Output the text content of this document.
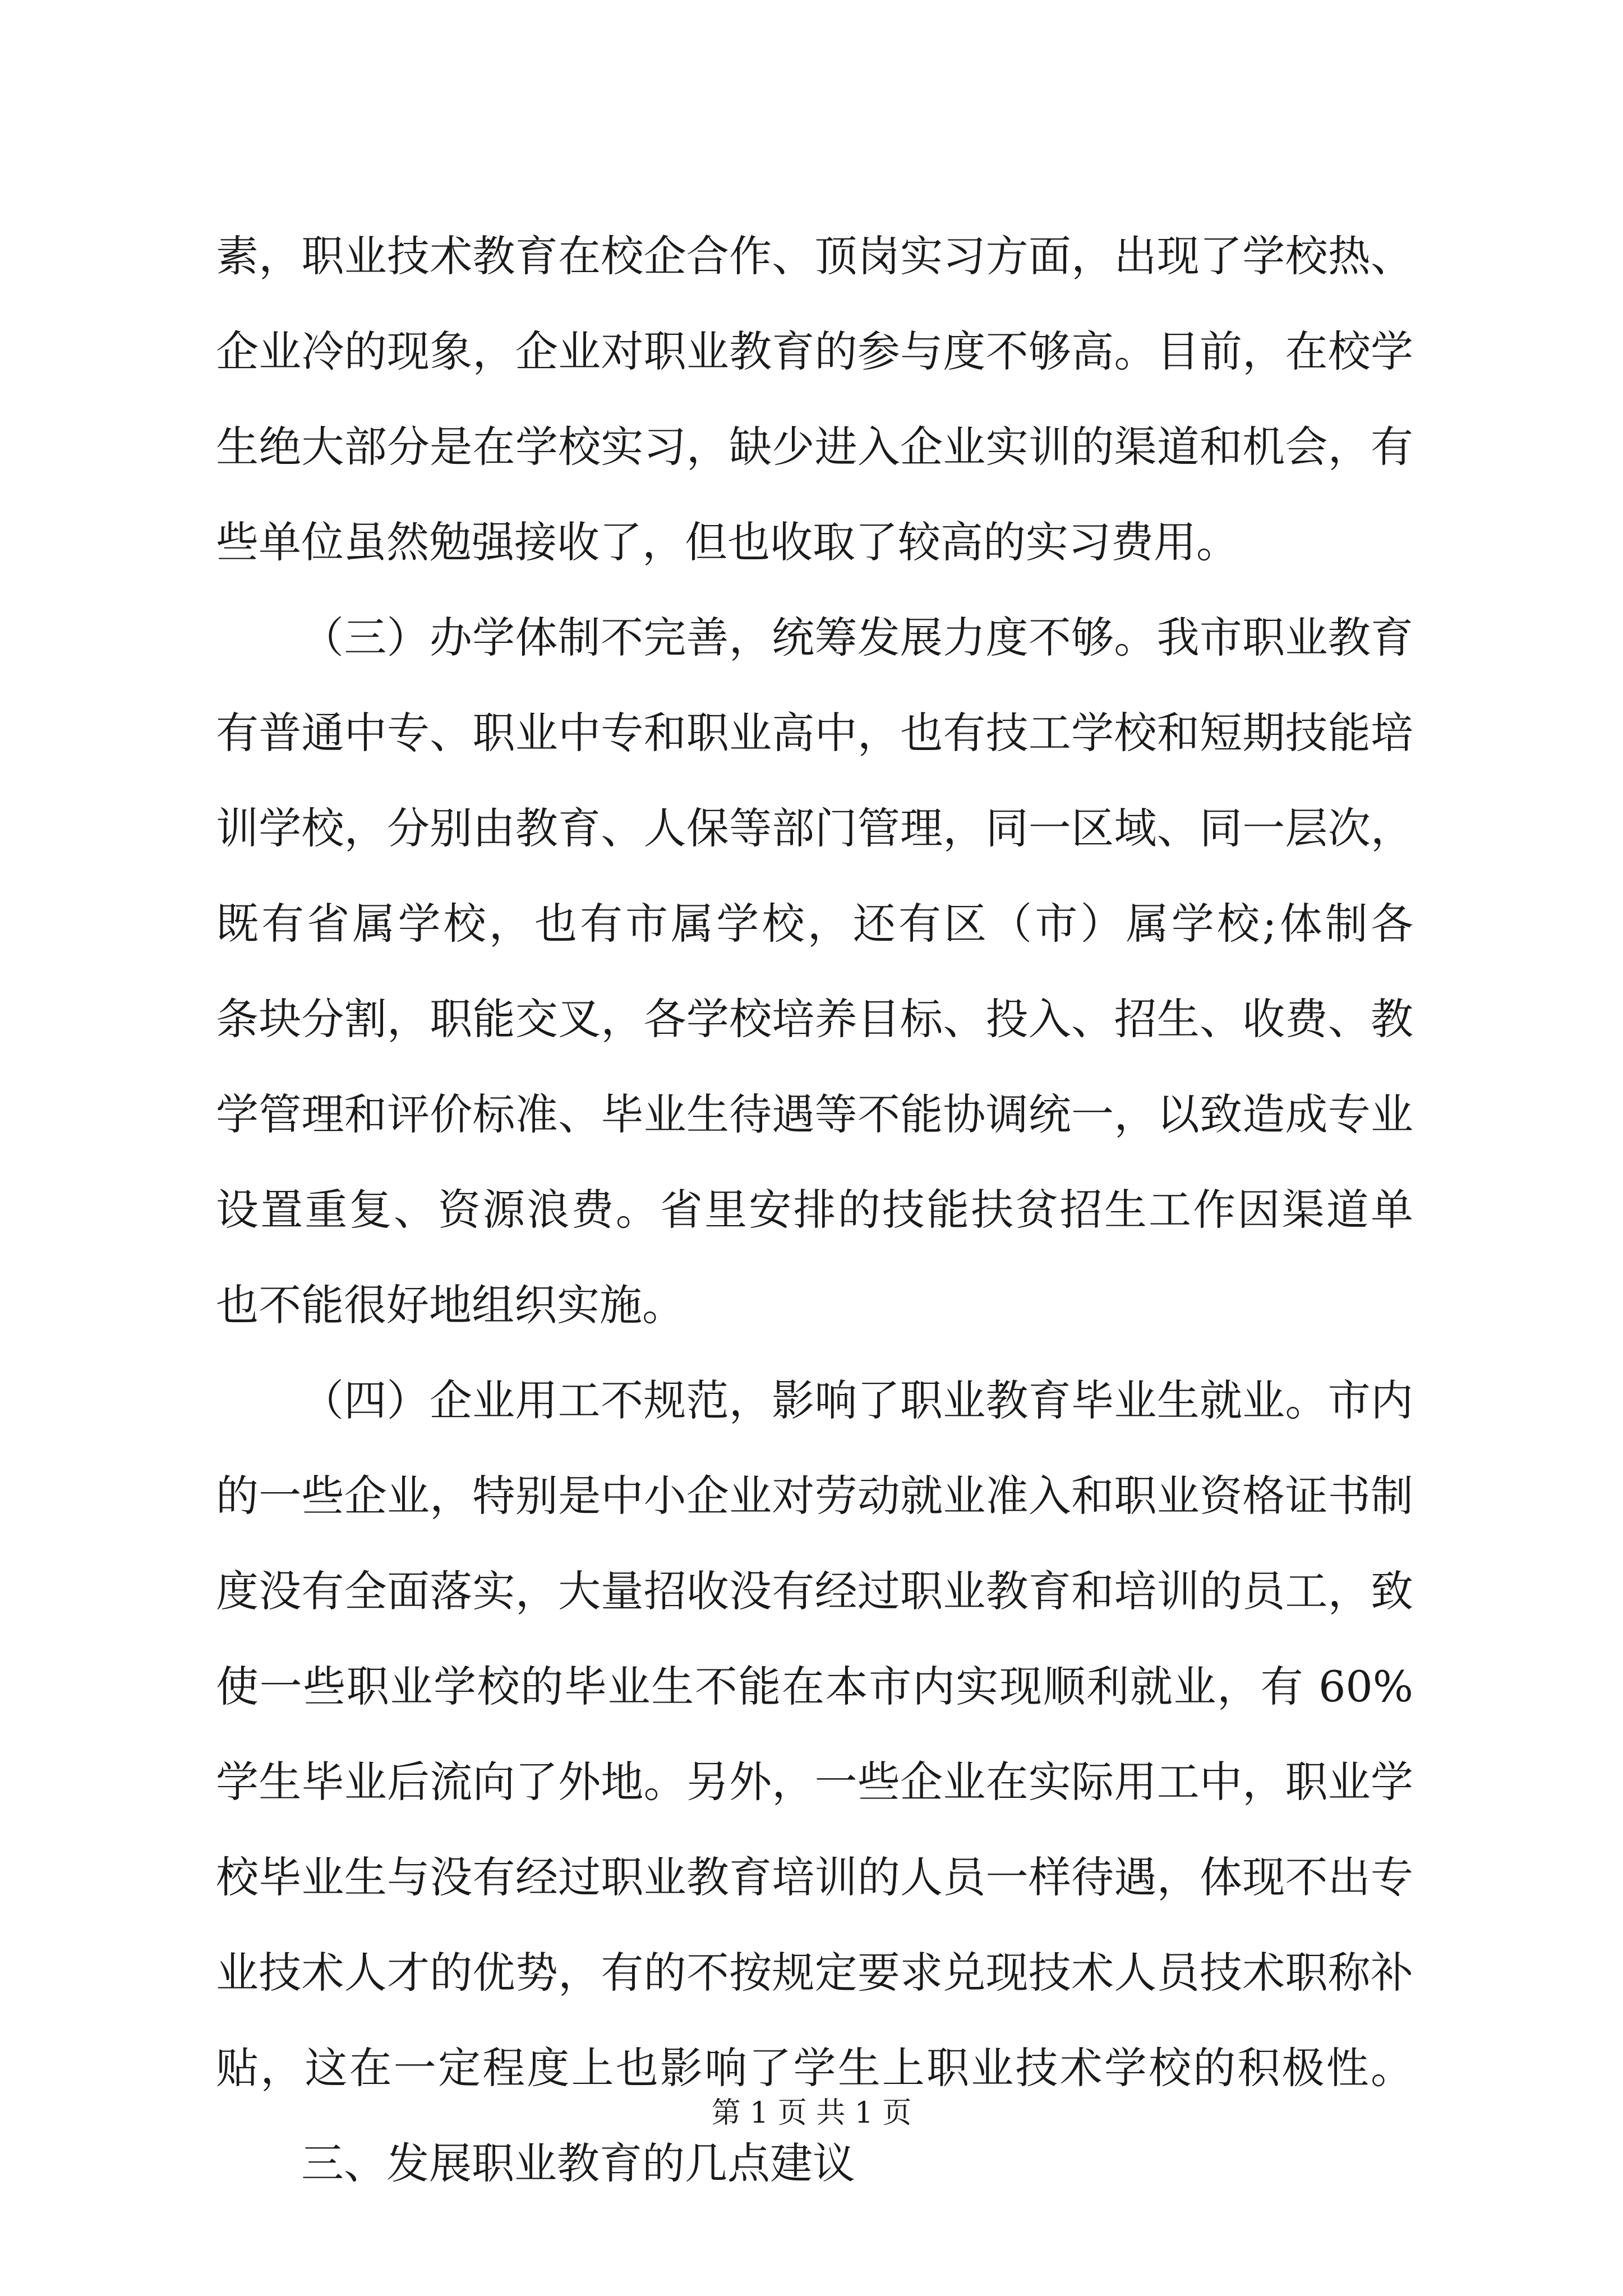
素，职业技术教育在校企合作、顶岗实习方面，出现了学校热、
企业冷的现象，企业对职业教育的参与度不够高。目前，在校学
生绝大部分是在学校实习，缺少进入企业实训的渠道和机会，有
些单位虽然勉强接收了，但也收取了较高的实习费用。
（三）办学体制不完善，统筹发展力度不够。我市职业教育
有普通中专、职业中专和职业高中，也有技工学校和短期技能培
训学校，分别由教育、人保等部门管理，同一区域、同一层次，
既有省属学校，也有市属学校，还有区（市）属学校;体制各
条块分割，职能交叉，各学校培养目标、投入、招生、收费、教
学管理和评价标准、毕业生待遇等不能协调统一，以致造成专业
设置重复、资源浪费。省里安排的技能扶贫招生工作因渠道单
也不能很好地组织实施。
（四）企业用工不规范，影响了职业教育毕业生就业。市内
的一些企业，特别是中小企业对劳动就业准入和职业资格证书制
度没有全面落实，大量招收没有经过职业教育和培训的员工，致
使一些职业学校的毕业生不能在本市内实现顺利就业，有 60%
学生毕业后流向了外地。另外，一些企业在实际用工中，职业学
校毕业生与没有经过职业教育培训的人员一样待遇，体现不出专
业技术人才的优势，有的不按规定要求兑现技术人员技术职称补
贴，这在一定程度上也影响了学生上职业技术学校的积极性。
三、发展职业教育的几点建议
第 1 页 共 1 页
